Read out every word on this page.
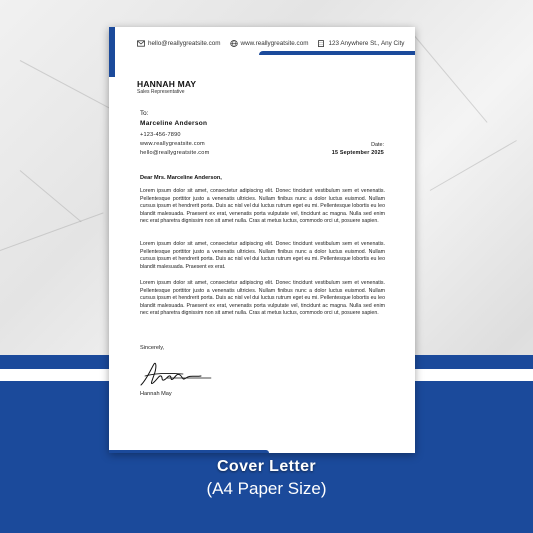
hello@reallygreatsite.com	www.reallygreatsite.com	123 Anywhere St., Any City
HANNAH MAY
Sales Representative
To:
Marceline Anderson
+123-456-7890
www.reallygreatsite.com
hello@reallygreatsite.com
Date:
15 September 2025
Dear Mrs. Marceline Anderson,

Lorem ipsum dolor sit amet, consectetur adipiscing elit. Donec tincidunt vestibulum sem et venenatis. Pellentesque porttitor justo a venenatis ultricies. Nullam finibus nunc a dolor luctus euismod. Nullam cursus ipsum et hendrerit porta. Duis ac nisl vel dui luctus rutrum eget eu mi. Pellentesque lobortis eu leo blandit malesuada. Praesent ex erat, venenatis porta vulputate vel, tincidunt ac magna. Nulla sed enim nec erat pharetra dignissim non sit amet nulla. Cras at metus luctus, commodo orci ut, posuere sapien.

Lorem ipsum dolor sit amet, consectetur adipiscing elit. Donec tincidunt vestibulum sem et venenatis. Pellentesque porttitor justo a venenatis ultricies. Nullam finibus nunc a dolor luctus euismod. Nullam cursus ipsum et hendrerit porta. Duis ac nisl vel dui luctus rutrum eget eu mi. Pellentesque lobortis eu leo blandit malesuada. Praesent ex erat.

Lorem ipsum dolor sit amet, consectetur adipiscing elit. Donec tincidunt vestibulum sem et venenatis. Pellentesque porttitor justo a venenatis ultricies. Nullam finibus nunc a dolor luctus euismod. Nullam cursus ipsum et hendrerit porta. Duis ac nisl vel dui luctus rutrum eget eu mi. Pellentesque lobortis eu leo blandit malesuada. Praesent ex erat, venenatis porta vulputate vel, tincidunt ac magna. Nulla sed enim nec erat pharetra dignissim non sit amet nulla. Cras at metus luctus, commodo orci ut, posuere sapien.

Sincerely,
Hannah May
Cover Letter
(A4 Paper Size)
